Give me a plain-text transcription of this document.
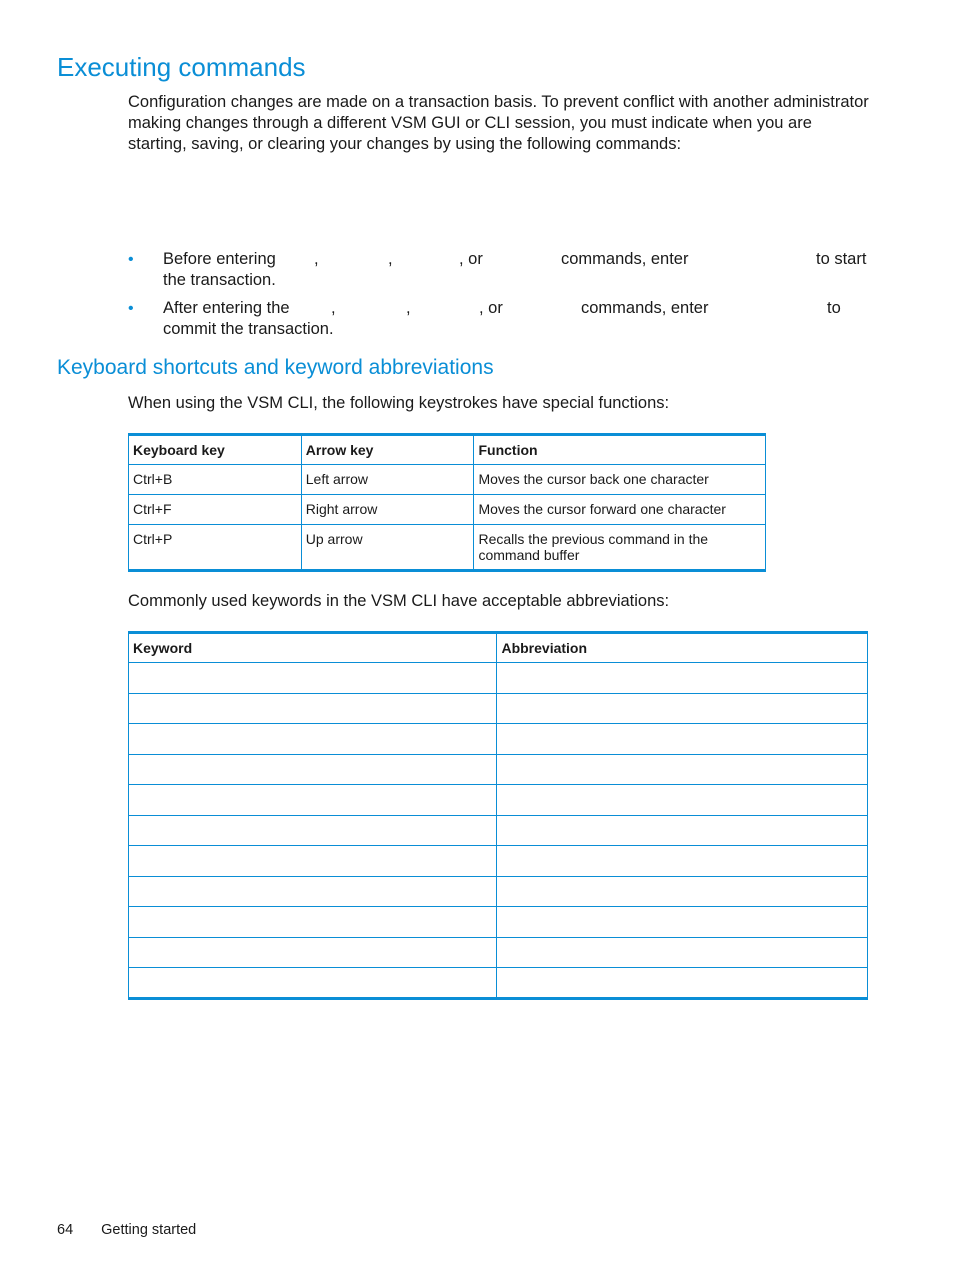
Executing commands

Configuration changes are made on a transaction basis. To prevent conflict with another administrator making changes through a different VSM GUI or CLI session, you must indicate when you are starting, saving, or clearing your changes by using the following commands:

• Before entering ,	,	, or	commands, enter	to start
the transaction.
• After entering the	,	,	, or	commands, enter	to
commit the transaction.
Keyboard shortcuts and keyword abbreviations

When using the VSM CLI, the following keystrokes have special functions:

Keyboard key	Arrow key	Function
Ctrl+B	Left arrow	Moves the cursor back one character
Ctrl+F	Right arrow	Moves the cursor forward one character
Ctrl+P	Up arrow	Recalls the previous command in the command buffer

Commonly used keywords in the VSM CLI have acceptable abbreviations:

Keyword	Abbreviation

64 Getting started
